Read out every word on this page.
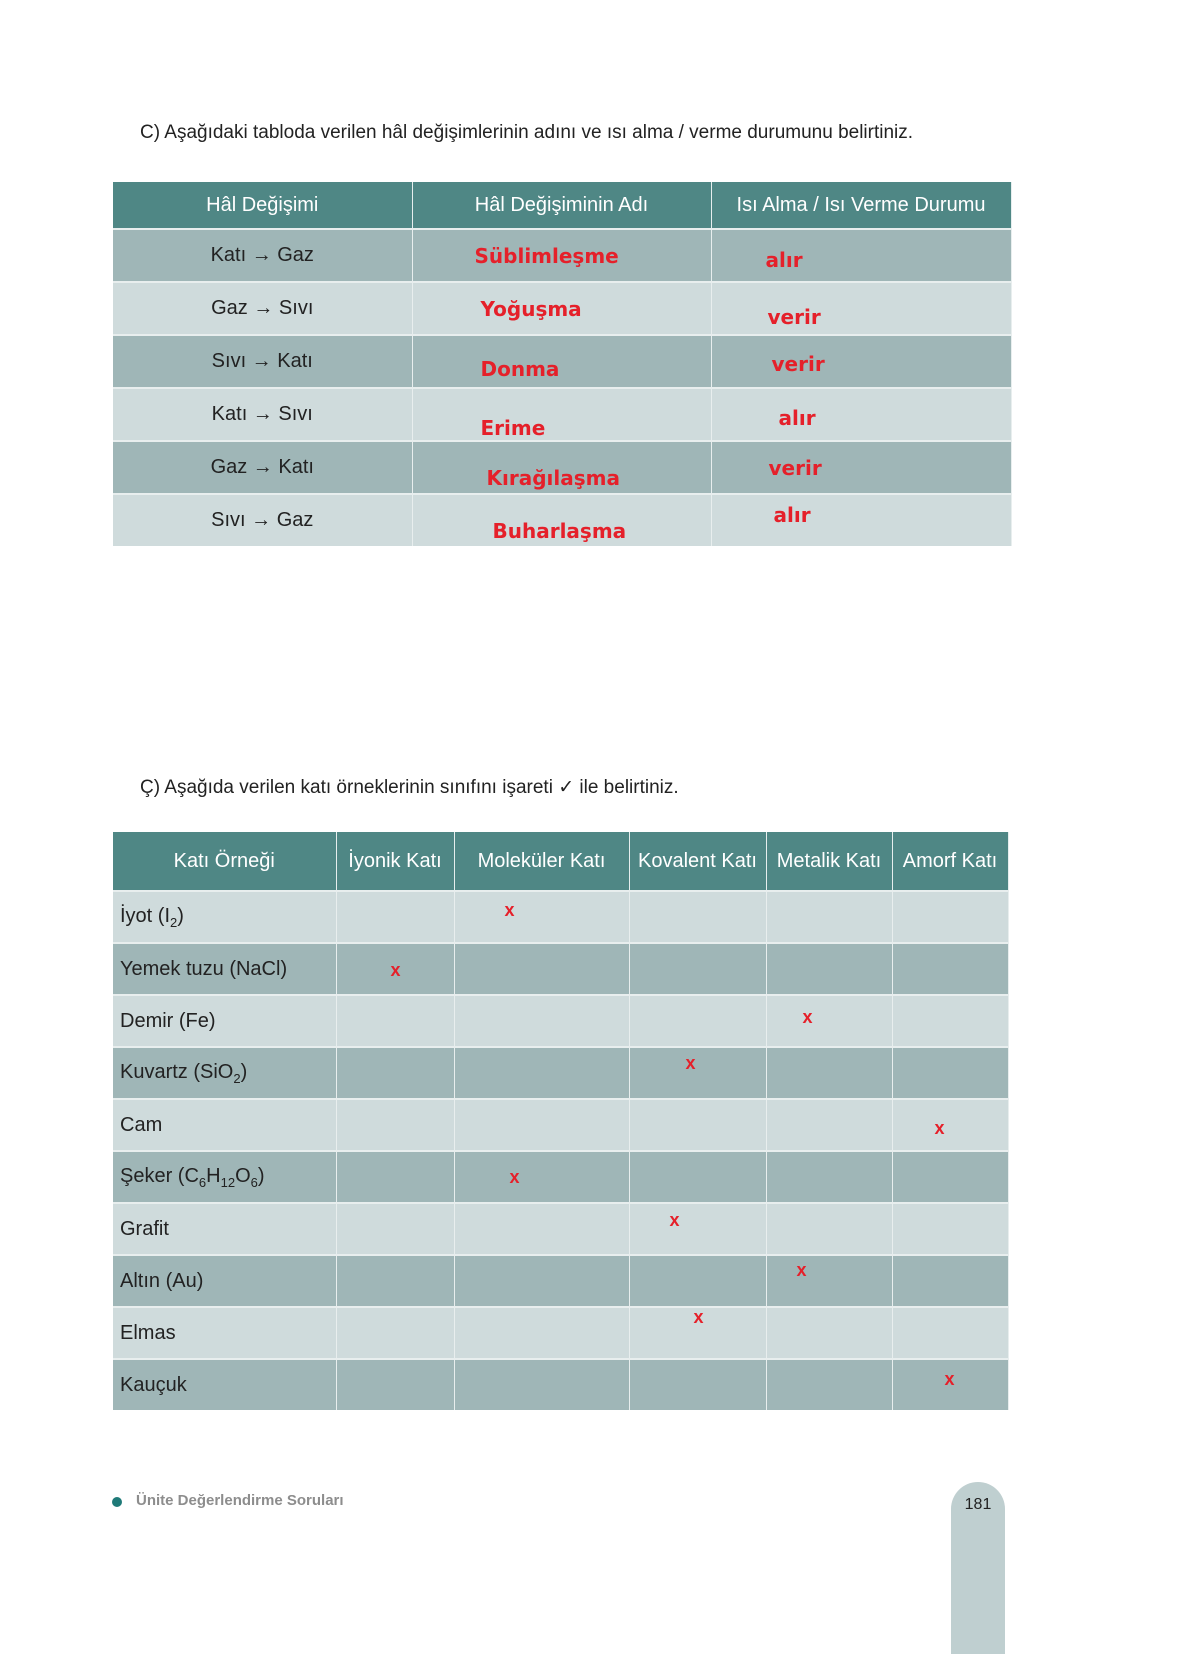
C) Aşağıdaki tabloda verilen hâl değişimlerinin adını ve ısı alma / verme durumunu belirtiniz.
Hâl Değişimi	Hâl Değişiminin Adı	Isı Alma / Isı Verme Durumu
Katı → Gaz	Süblimleşme	alır

Gaz → Sıvı	Yoğuşma	verir

Sıvı → Katı	Donma	verir

Katı → Sıvı	Erime	alır

Gaz → Katı	Kırağılaşma	verir

Sıvı → Gaz	Buharlaşma	alır
Ç) Aşağıda verilen katı örneklerinin sınıfını işareti ✓ ile belirtiniz.
Katı Örneği	İyonik Katı	Moleküler Katı	Kovalent Katı	Metalik Katı	Amorf Katı
İyot $(I_2)$		x			

Yemek tuzu (NaCl)	x				

Demir (Fe)				x	

Kuvartz (SiO$_2$)			x		

Cam					x

Şeker $(C_6H_{12}O_6)$		x			

Grafit			x		

Altın (Au)				x	

Elmas			x		

Kauçuk					x
Ünite Değerlendirme Soruları	181
